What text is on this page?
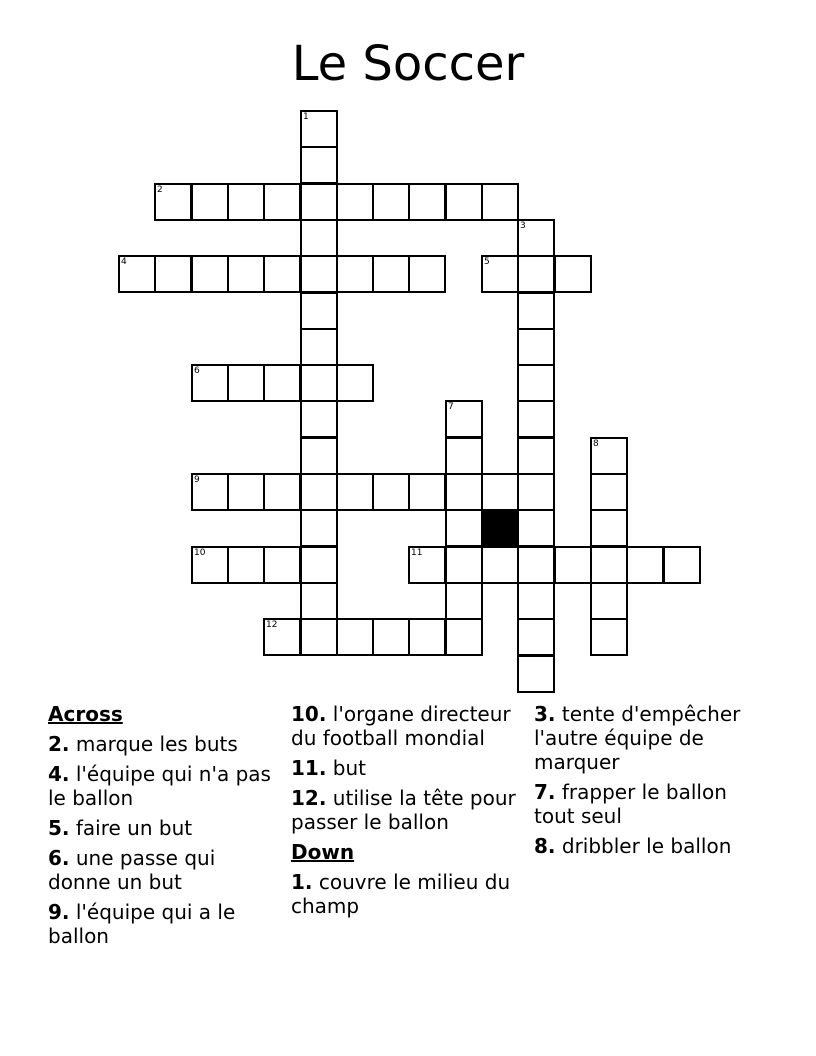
Le Soccer
1
2
3
4	5
6
7
8
9
10	11
12
Across
2. marque les buts
4. l'équipe qui n'a pas le ballon
5. faire un but
6. une passe qui donne un but
9. l'équipe qui a le ballon
10. l'organe directeur du football mondial
11. but
12. utilise la tête pour passer le ballon
Down
1. couvre le milieu du champ
3. tente d'empêcher l'autre équipe de marquer
7. frapper le ballon tout seul
8. dribbler le ballon
